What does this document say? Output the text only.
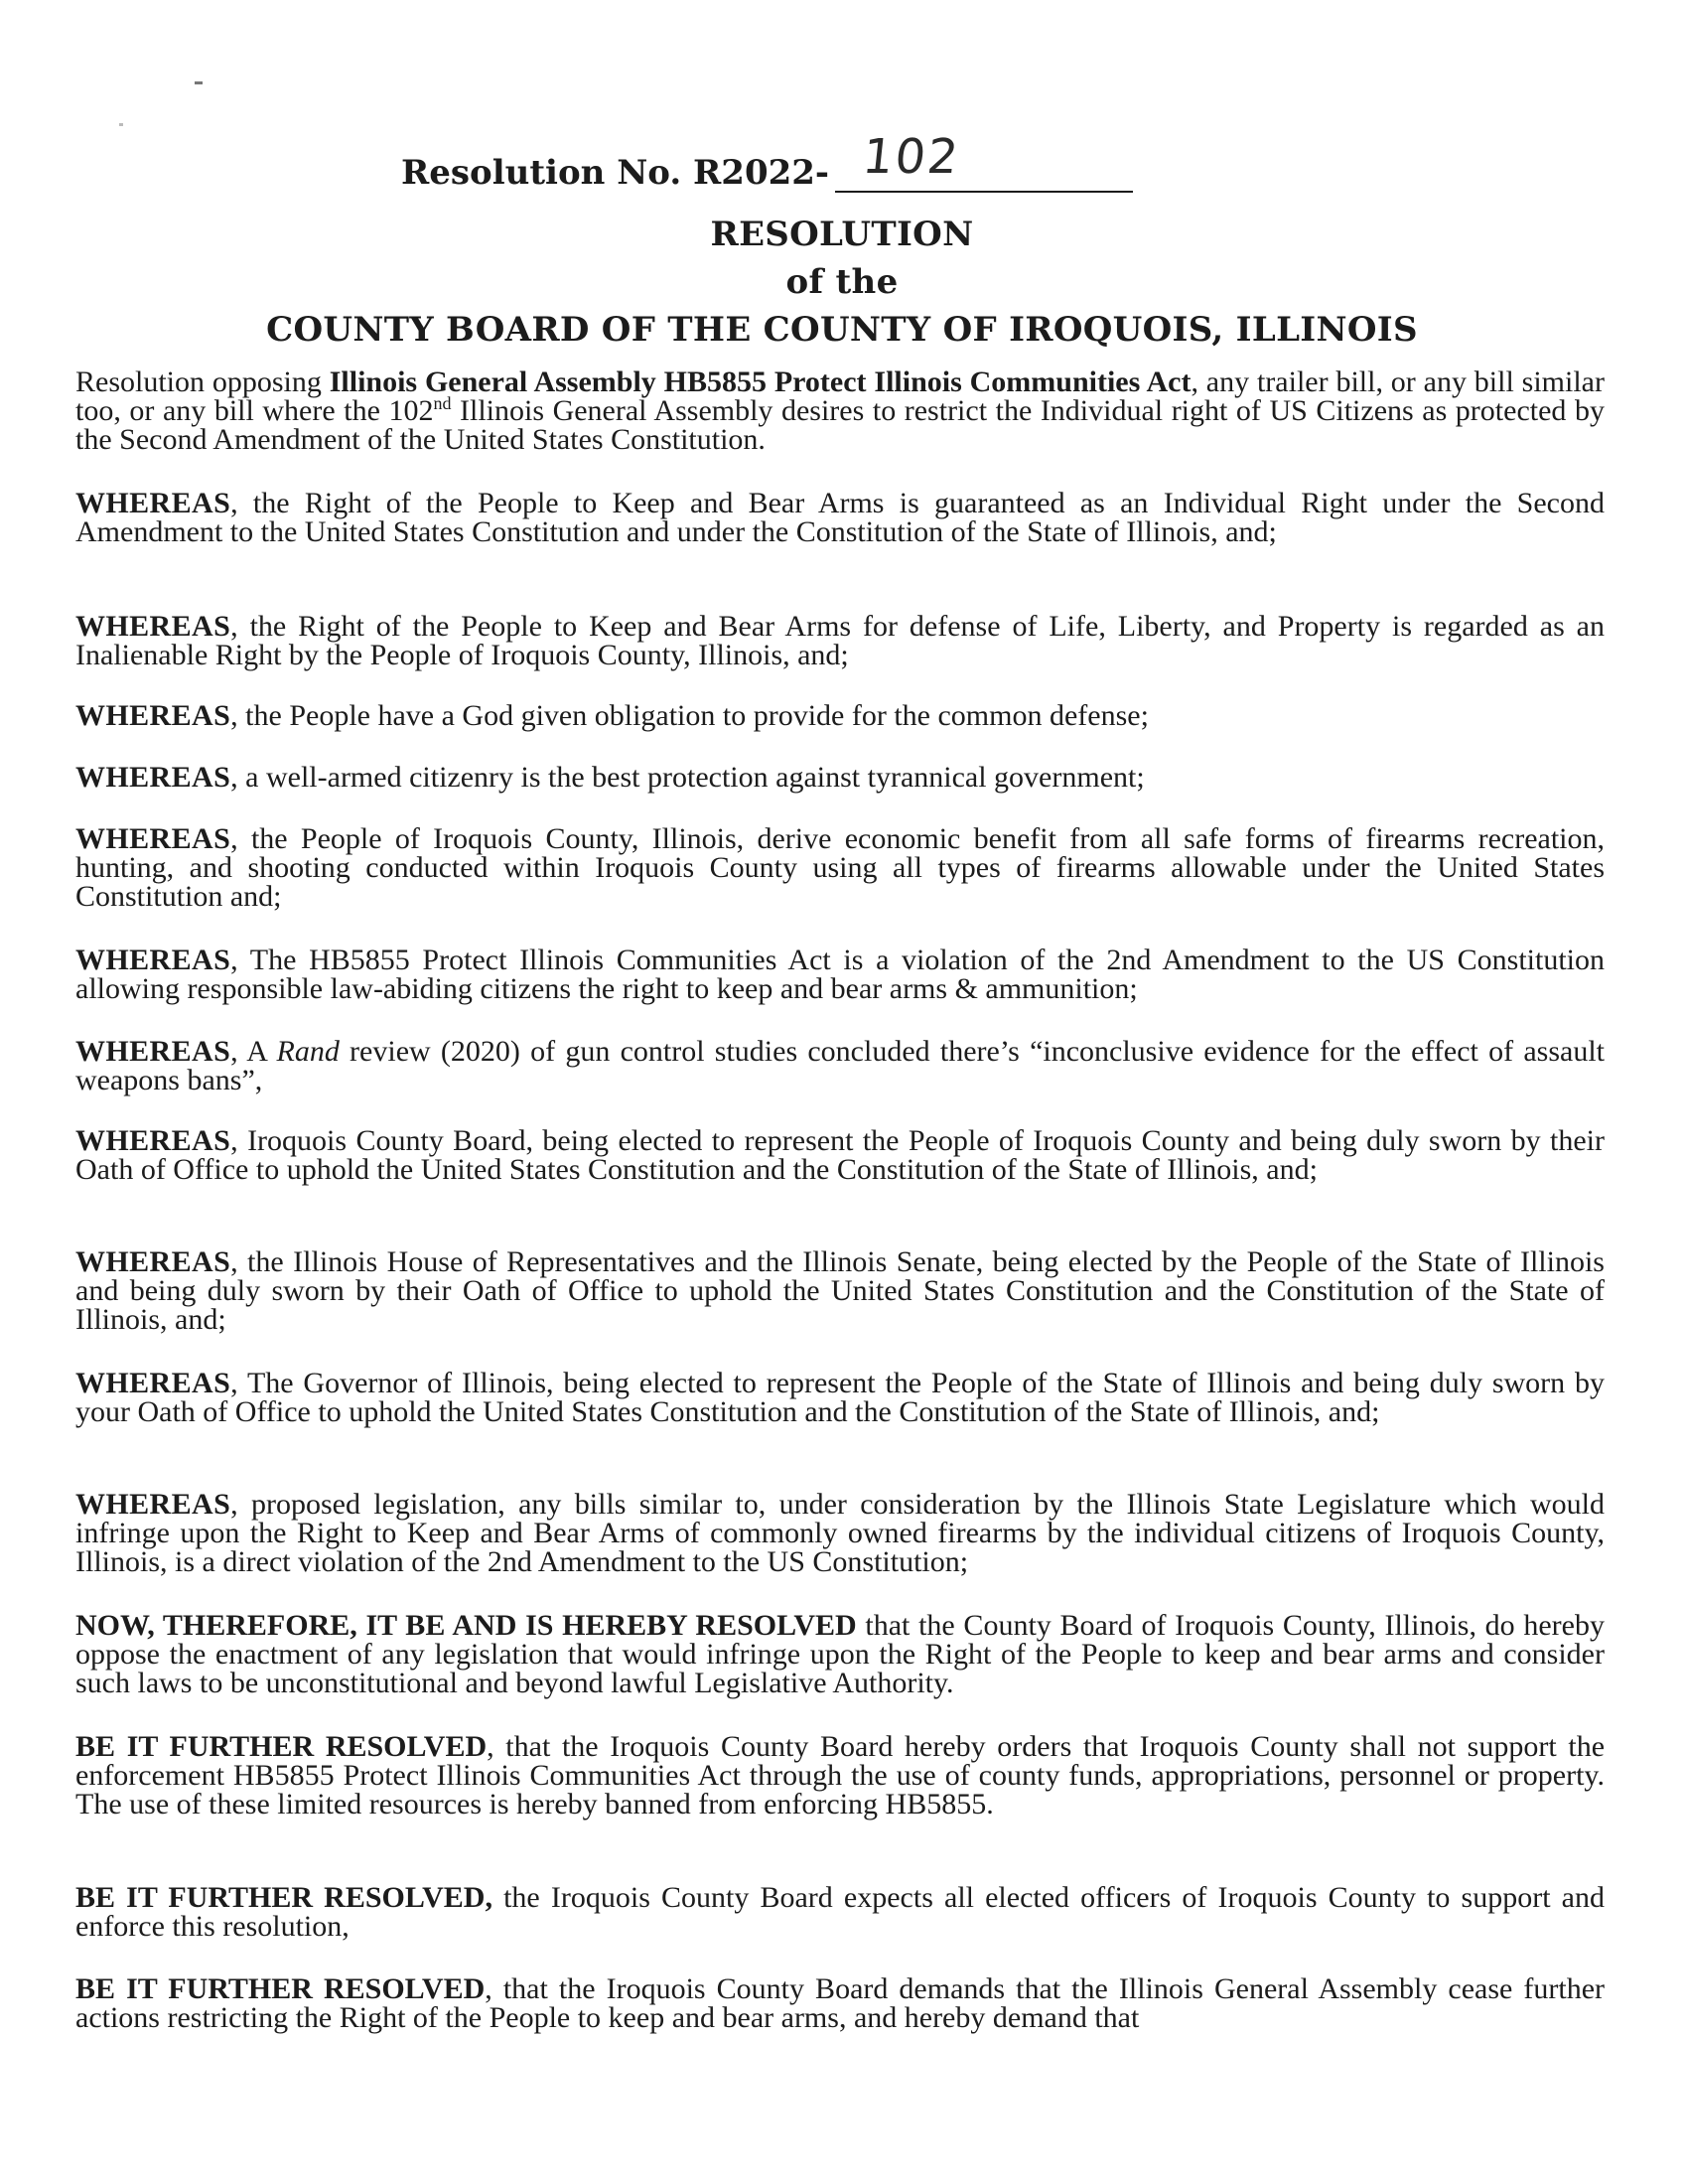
Resolution No. R2022- 102
RESOLUTION
of the
COUNTY BOARD OF THE COUNTY OF IROQUOIS, ILLINOIS
Resolution opposing Illinois General Assembly HB5855 Protect Illinois Communities Act, any trailer bill, or any bill similar too, or any bill where the 102nd Illinois General Assembly desires to restrict the Individual right of US Citizens as protected by the Second Amendment of the United States Constitution.
WHEREAS, the Right of the People to Keep and Bear Arms is guaranteed as an Individual Right under the Second Amendment to the United States Constitution and under the Constitution of the State of Illinois, and;
WHEREAS, the Right of the People to Keep and Bear Arms for defense of Life, Liberty, and Property is regarded as an Inalienable Right by the People of Iroquois County, Illinois, and;
WHEREAS, the People have a God given obligation to provide for the common defense;
WHEREAS, a well-armed citizenry is the best protection against tyrannical government;
WHEREAS, the People of Iroquois County, Illinois, derive economic benefit from all safe forms of firearms recreation, hunting, and shooting conducted within Iroquois County using all types of firearms allowable under the United States Constitution and;
WHEREAS, The HB5855 Protect Illinois Communities Act is a violation of the 2nd Amendment to the US Constitution allowing responsible law-abiding citizens the right to keep and bear arms & ammunition;
WHEREAS, A Rand review (2020) of gun control studies concluded there’s “inconclusive evidence for the effect of assault weapons bans”,
WHEREAS, Iroquois County Board, being elected to represent the People of Iroquois County and being duly sworn by their Oath of Office to uphold the United States Constitution and the Constitution of the State of Illinois, and;
WHEREAS, the Illinois House of Representatives and the Illinois Senate, being elected by the People of the State of Illinois and being duly sworn by their Oath of Office to uphold the United States Constitution and the Constitution of the State of Illinois, and;
WHEREAS, The Governor of Illinois, being elected to represent the People of the State of Illinois and being duly sworn by your Oath of Office to uphold the United States Constitution and the Constitution of the State of Illinois, and;
WHEREAS, proposed legislation, any bills similar to, under consideration by the Illinois State Legislature which would infringe upon the Right to Keep and Bear Arms of commonly owned firearms by the individual citizens of Iroquois County, Illinois, is a direct violation of the 2nd Amendment to the US Constitution;
NOW, THEREFORE, IT BE AND IS HEREBY RESOLVED that the County Board of Iroquois County, Illinois, do hereby oppose the enactment of any legislation that would infringe upon the Right of the People to keep and bear arms and consider such laws to be unconstitutional and beyond lawful Legislative Authority.
BE IT FURTHER RESOLVED, that the Iroquois County Board hereby orders that Iroquois County shall not support the enforcement HB5855 Protect Illinois Communities Act through the use of county funds, appropriations, personnel or property. The use of these limited resources is hereby banned from enforcing HB5855.
BE IT FURTHER RESOLVED, the Iroquois County Board expects all elected officers of Iroquois County to support and enforce this resolution,
BE IT FURTHER RESOLVED, that the Iroquois County Board demands that the Illinois General Assembly cease further actions restricting the Right of the People to keep and bear arms, and hereby demand that
